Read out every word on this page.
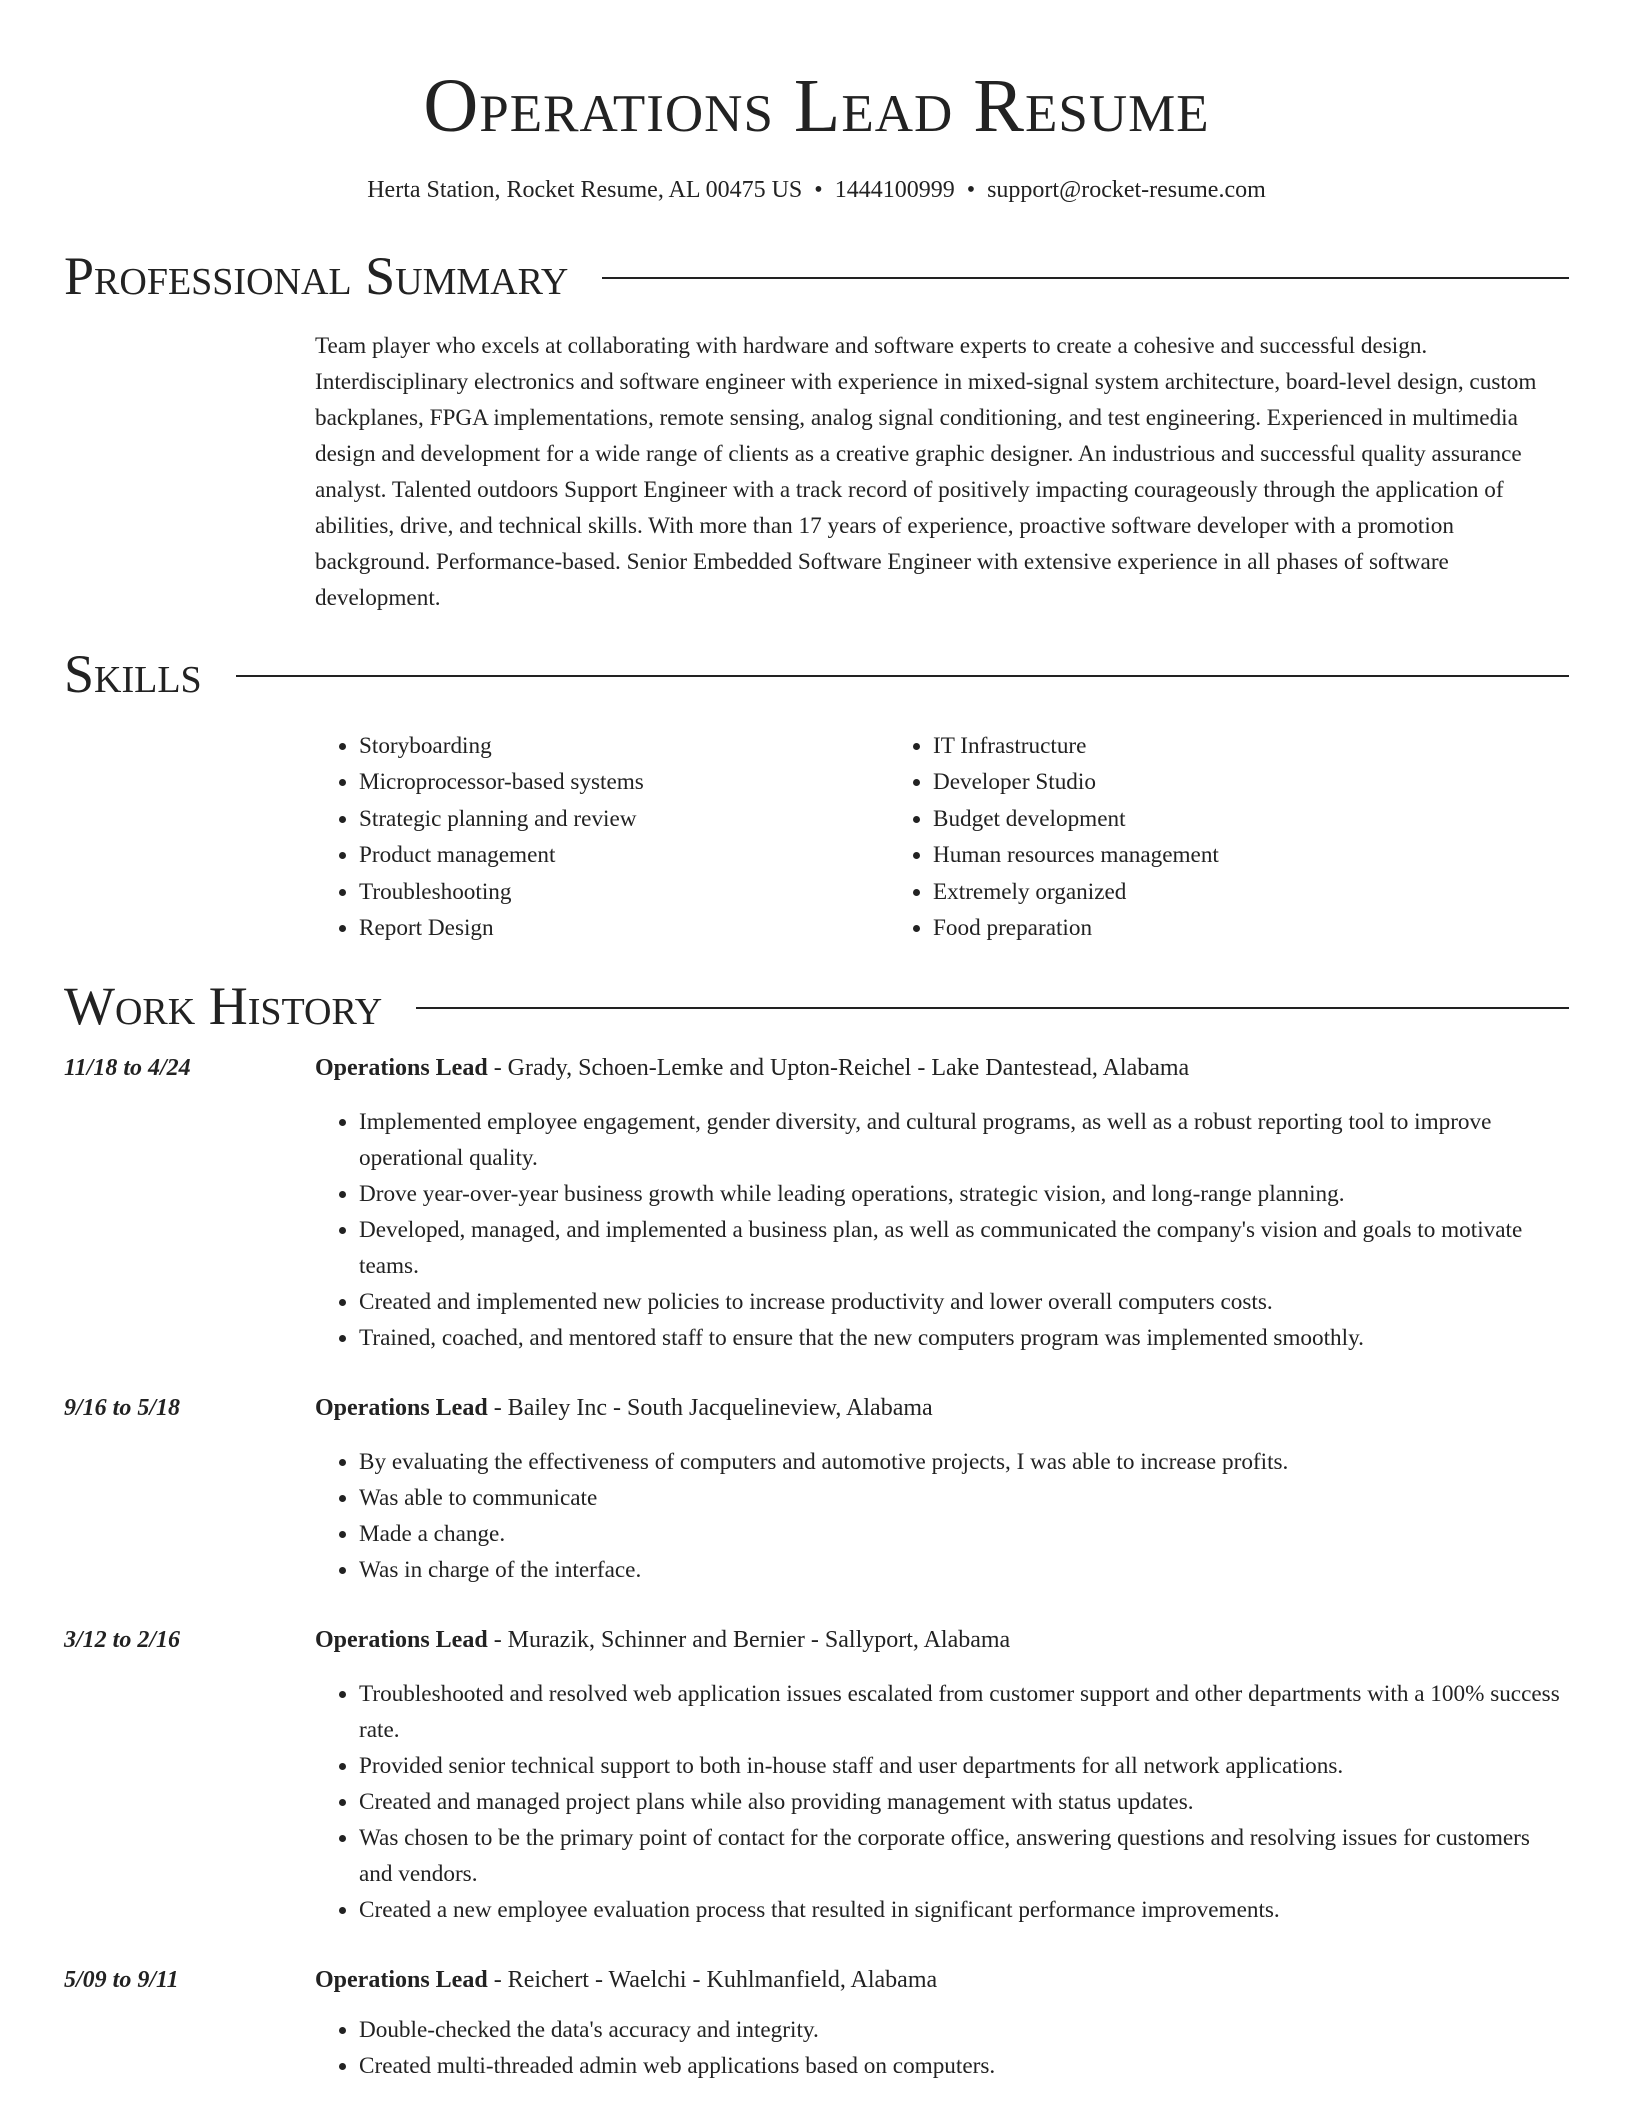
Operations Lead Resume
Herta Station, Rocket Resume, AL 00475 US • 1444100999 • support@rocket-resume.com
Professional Summary

Team player who excels at collaborating with hardware and software experts to create a cohesive and successful design. Interdisciplinary electronics and software engineer with experience in mixed-signal system architecture, board-level design, custom backplanes, FPGA implementations, remote sensing, analog signal conditioning, and test engineering. Experienced in multimedia design and development for a wide range of clients as a creative graphic designer. An industrious and successful quality assurance analyst. Talented outdoors Support Engineer with a track record of positively impacting courageously through the application of abilities, drive, and technical skills. With more than 17 years of experience, proactive software developer with a promotion background. Performance-based. Senior Embedded Software Engineer with extensive experience in all phases of software development.

Skills
• Storyboarding
• Microprocessor-based systems
• Strategic planning and review
• Product management
• Troubleshooting
• Report Design
• IT Infrastructure
• Developer Studio
• Budget development
• Human resources management
• Extremely organized
• Food preparation
Work History
11/18 to 4/24	Operations Lead - Grady, Schoen-Lemke and Upton-Reichel - Lake Dantestead, Alabama
• Implemented employee engagement, gender diversity, and cultural programs, as well as a robust reporting tool to improve operational quality.
• Drove year-over-year business growth while leading operations, strategic vision, and long-range planning.
• Developed, managed, and implemented a business plan, as well as communicated the company's vision and goals to motivate teams.
• Created and implemented new policies to increase productivity and lower overall computers costs.
• Trained, coached, and mentored staff to ensure that the new computers program was implemented smoothly.
9/16 to 5/18	Operations Lead - Bailey Inc - South Jacquelineview, Alabama
• By evaluating the effectiveness of computers and automotive projects, I was able to increase profits.
• Was able to communicate
• Made a change.
• Was in charge of the interface.
3/12 to 2/16	Operations Lead - Murazik, Schinner and Bernier - Sallyport, Alabama
• Troubleshooted and resolved web application issues escalated from customer support and other departments with a 100% success rate.
• Provided senior technical support to both in-house staff and user departments for all network applications.
• Created and managed project plans while also providing management with status updates.
• Was chosen to be the primary point of contact for the corporate office, answering questions and resolving issues for customers and vendors.
• Created a new employee evaluation process that resulted in significant performance improvements.
5/09 to 9/11	Operations Lead - Reichert - Waelchi - Kuhlmanfield, Alabama
• Double-checked the data's accuracy and integrity.
• Created multi-threaded admin web applications based on computers.
